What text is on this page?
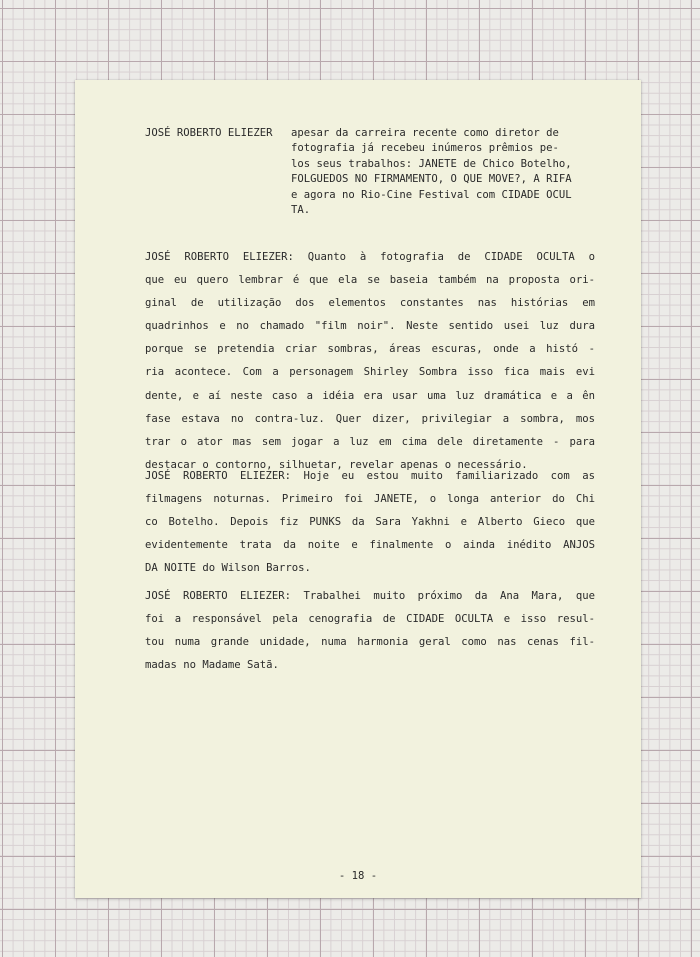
JOSÉ ROBERTO ELIEZER	apesar da carreira recente como diretor de
fotografia já recebeu inúmeros prêmios pe-
los seus trabalhos: JANETE de Chico Botelho,
FOLGUEDOS NO FIRMAMENTO, O QUE MOVE?, A RIFA
e agora no Rio-Cine Festival com CIDADE OCUL
TA.
JOSÉ ROBERTO ELIEZER: Quanto à fotografia de CIDADE OCULTA o
que eu quero lembrar é que ela se baseia também na proposta ori-
ginal de utilização dos elementos constantes nas histórias em
quadrinhos e no chamado "film noir". Neste sentido usei luz dura
porque se pretendia criar sombras, áreas escuras, onde a histó -
ria acontece. Com a personagem Shirley Sombra isso fica mais evi
dente, e aí neste caso a idéia era usar uma luz dramática e a ên
fase estava no contra-luz. Quer dizer, privilegiar a sombra, mos
trar o ator mas sem jogar a luz em cima dele diretamente - para
destacar o contorno, silhuetar, revelar apenas o necessário.
JOSÉ ROBERTO ELIEZER: Hoje eu estou muito familiarizado com as
filmagens noturnas. Primeiro foi JANETE, o longa anterior do Chi
co Botelho. Depois fiz PUNKS da Sara Yakhni e Alberto Gieco que
evidentemente trata da noite e finalmente o ainda inédito ANJOS
DA NOITE do Wilson Barros.
JOSÉ ROBERTO ELIEZER: Trabalhei muito próximo da Ana Mara, que
foi a responsável pela cenografia de CIDADE OCULTA e isso resul-
tou numa grande unidade, numa harmonia geral como nas cenas fil-
madas no Madame Satã.
- 18 -
